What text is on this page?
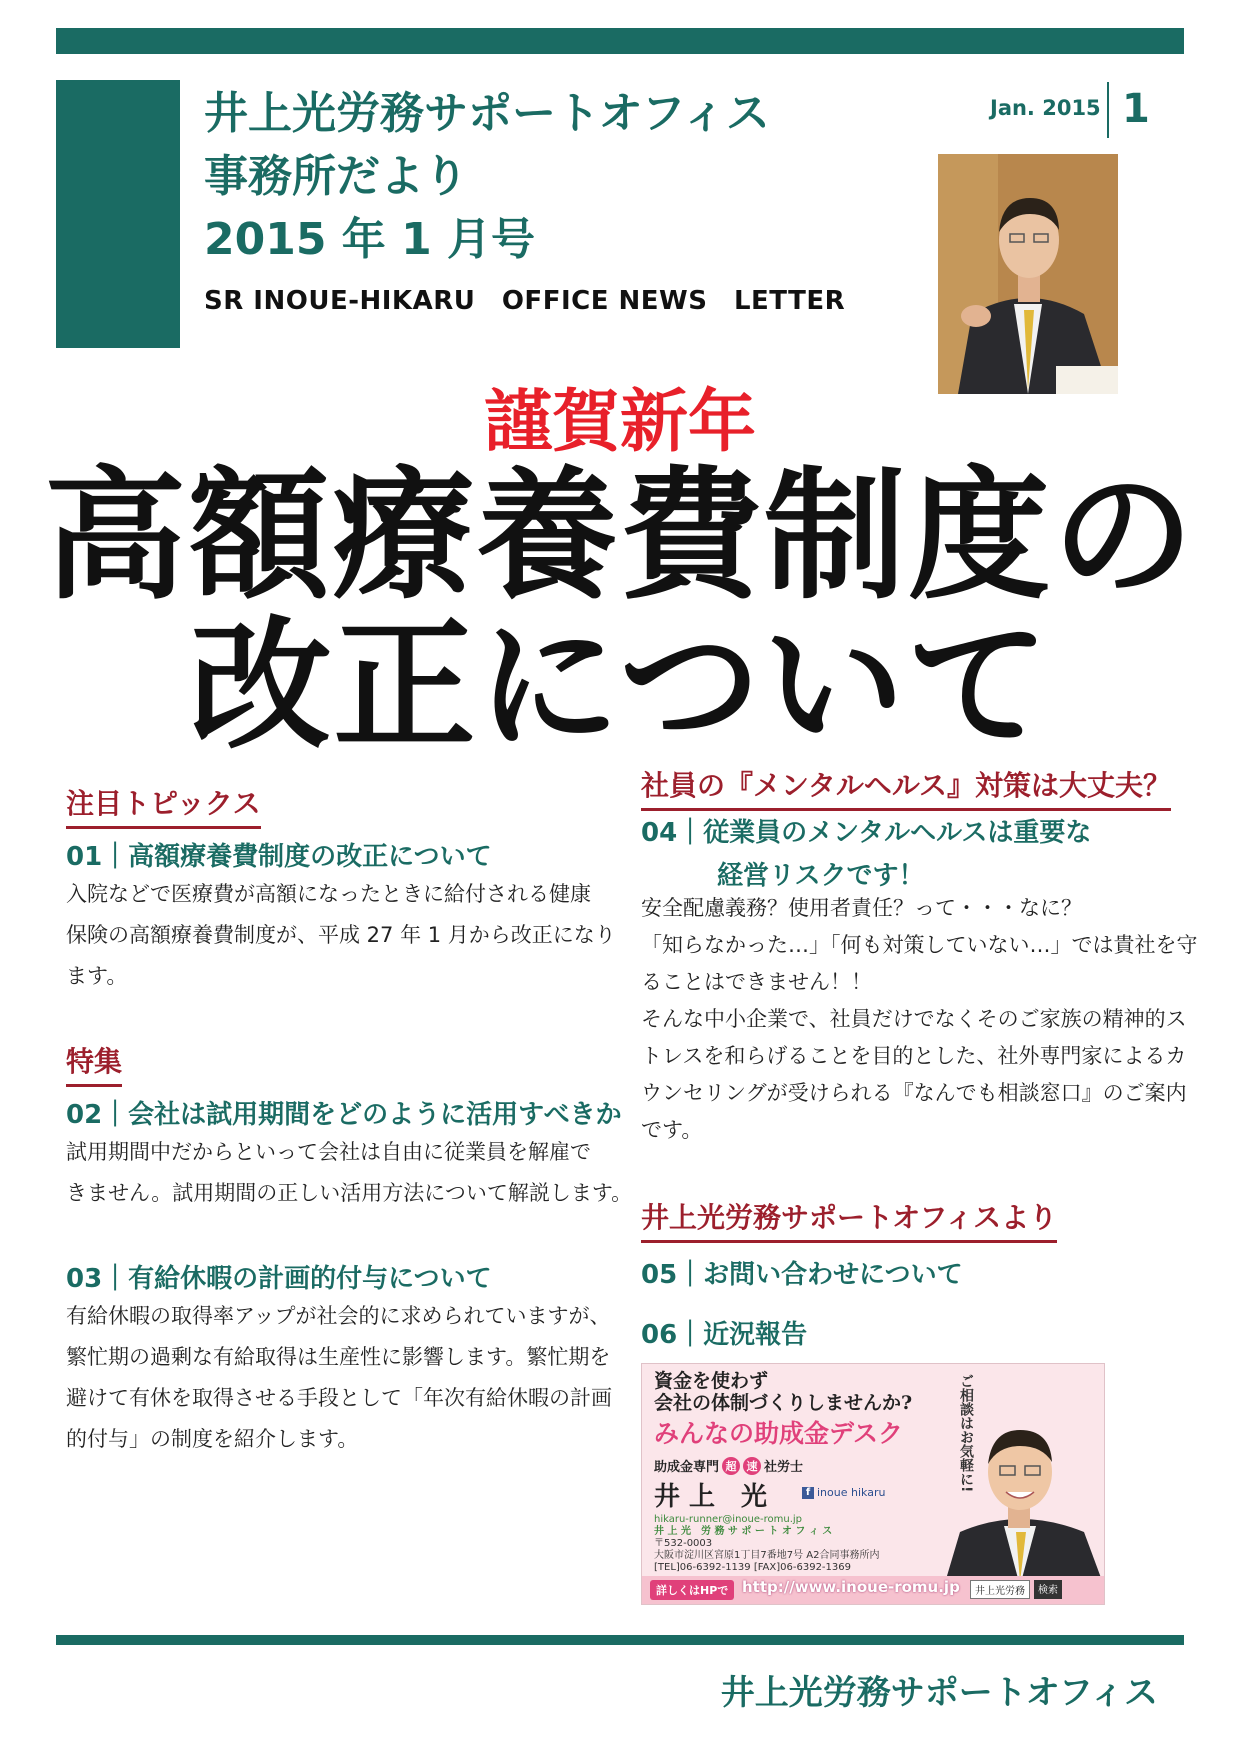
井上光労務サポートオフィス
事務所だより
2015 年 1 月号
SR INOUE-HIKARU　OFFICE NEWS　LETTER
Jan. 2015 1
謹賀新年
高額療養費制度の
改正について
注目トピックス
01｜高額療養費制度の改正について
入院などで医療費が高額になったときに給付される健康
保険の高額療養費制度が、平成 27 年 1 月から改正になり
ます。
特集
02｜会社は試用期間をどのように活用すべきか
試用期間中だからといって会社は自由に従業員を解雇で
きません。試用期間の正しい活用方法について解説します。
03｜有給休暇の計画的付与について
有給休暇の取得率アップが社会的に求められていますが、
繁忙期の過剰な有給取得は生産性に影響します。繁忙期を
避けて有休を取得させる手段として「年次有給休暇の計画
的付与」の制度を紹介します。
社員の『メンタルヘルス』対策は大丈夫？
04｜従業員のメンタルヘルスは重要な
経営リスクです！
安全配慮義務？使用者責任？って・・・なに？
「知らなかった…」「何も対策していない…」では貴社を守
ることはできません！！
そんな中小企業で、社員だけでなくそのご家族の精神的ス
トレスを和らげることを目的とした、社外専門家によるカ
ウンセリングが受けられる『なんでも相談窓口』のご案内
です。
井上光労務サポートオフィスより
05｜お問い合わせについて
06｜近況報告
資金を使わず
会社の体制づくりしませんか?
みんなの助成金デスク	ご相談はお気軽に!
助成金専門 超 速 社労士
井 上　光	f inoue hikaru
hikaru-runner@inoue-romu.jp
井 上 光　労 務 サ ポ ー ト オ フ ィ ス
〒532-0003
大阪市淀川区宮原1丁目7番地7号 A2合同事務所内
[TEL]06-6392-1139 [FAX]06-6392-1369
詳しくはHPで http://www.inoue-romu.jp	井上光労務	検索
井上光労務サポートオフィス
